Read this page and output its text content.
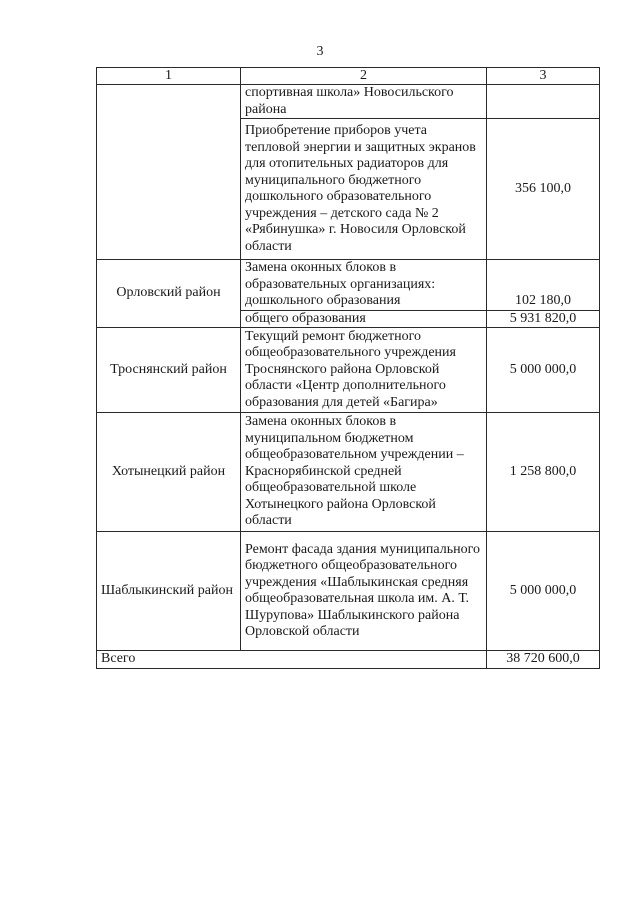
3
1	2	3
	спортивная школа» Новосильского района	
	Приобретение приборов учета тепловой энергии и защитных экранов для отопительных радиаторов для муниципального бюджетного дошкольного образовательного учреждения – детского сада № 2 «Рябинушка» г. Новосиля Орловской области	356 100,0
Орловский район	Замена оконных блоков в образовательных организациях: дошкольного образования	102 180,0
	общего образования	5 931 820,0
Троснянский район	Текущий ремонт бюджетного общеобразовательного учреждения Троснянского района Орловской области «Центр дополнительного образования для детей «Багира»	5 000 000,0
Хотынецкий район	Замена оконных блоков в муниципальном бюджетном общеобразовательном учреждении – Краснорябинской средней общеобразовательной школе Хотынецкого района Орловской области	1 258 800,0
Шаблыкинский район	Ремонт фасада здания муниципального бюджетного общеобразовательного учреждения «Шаблыкинская средняя общеобразовательная школа им. А. Т. Шурупова» Шаблыкинского района Орловской области	5 000 000,0
Всего		38 720 600,0
